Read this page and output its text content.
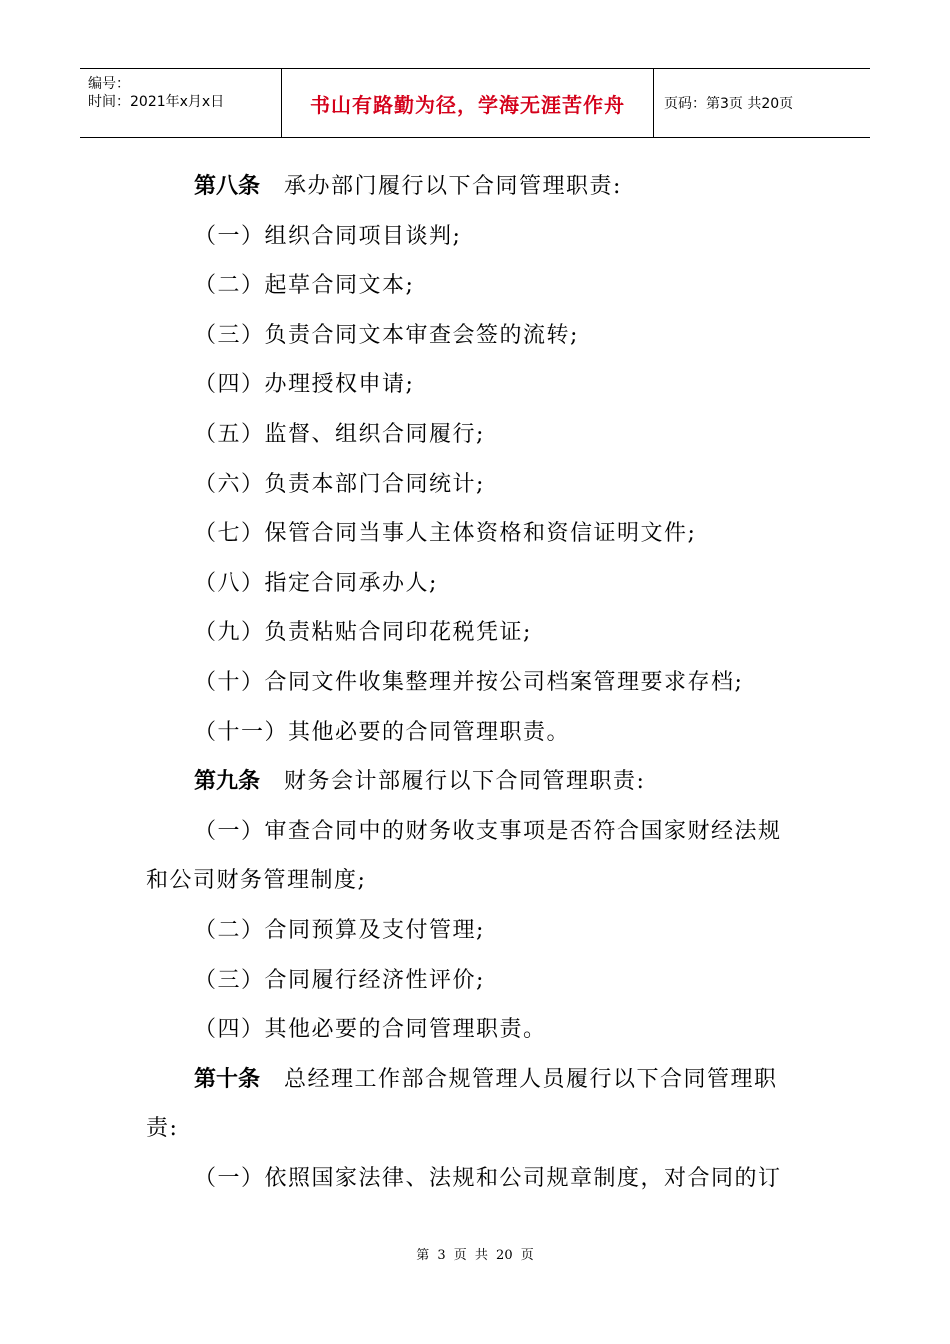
编号：
时间：2021年x月x日	书山有路勤为径，学海无涯苦作舟	页码：第3页 共20页
第八条 承办部门履行以下合同管理职责:
（一）组织合同项目谈判;
（二）起草合同文本;
（三）负责合同文本审查会签的流转;
（四）办理授权申请;
（五）监督、组织合同履行;
（六）负责本部门合同统计;
（七）保管合同当事人主体资格和资信证明文件;
（八）指定合同承办人;
（九）负责粘贴合同印花税凭证;
（十）合同文件收集整理并按公司档案管理要求存档;
（十一）其他必要的合同管理职责。
第九条 财务会计部履行以下合同管理职责:
（一）审查合同中的财务收支事项是否符合国家财经法规
和公司财务管理制度;
（二）合同预算及支付管理;
（三）合同履行经济性评价;
（四）其他必要的合同管理职责。
第十条 总经理工作部合规管理人员履行以下合同管理职
责:
（一）依照国家法律、法规和公司规章制度，对合同的订
第 3 页 共 20 页
